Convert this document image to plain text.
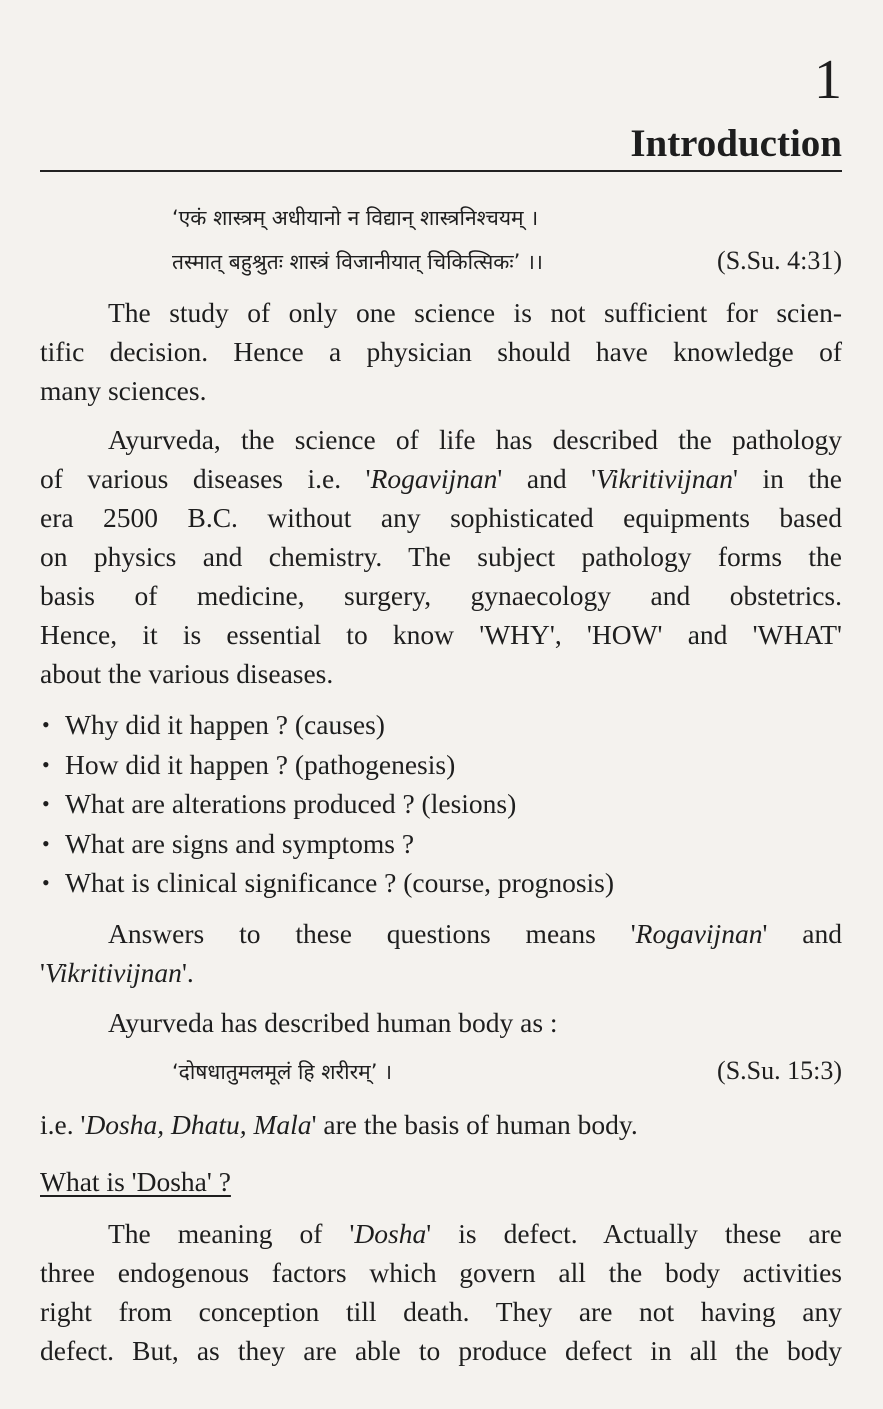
1
Introduction
‘एकं शास्त्रम् अधीयानो न विद्यान् शास्त्रनिश्चयम् ।
तस्मात् बहुश्रुतः शास्त्रं विजानीयात् चिकित्सिकः’ ।।	(S.Su. 4:31)

The study of only one science is not sufficient for scien-
tific decision. Hence a physician should have knowledge of
many sciences.

Ayurveda, the science of life has described the pathology
of various diseases i.e. 'Rogavijnan' and 'Vikritivijnan' in the
era 2500 B.C. without any sophisticated equipments based
on physics and chemistry. The subject pathology forms the
basis of medicine, surgery, gynaecology and obstetrics.
Hence, it is essential to know 'WHY', 'HOW' and 'WHAT'
about the various diseases.

• Why did it happen ? (causes)
• How did it happen ? (pathogenesis)
• What are alterations produced ? (lesions)
• What are signs and symptoms ?
• What is clinical significance ? (course, prognosis)

Answers to these questions means 'Rogavijnan' and
'Vikritivijnan'.

Ayurveda has described human body as :

‘दोषधातुमलमूलं हि शरीरम्’ ।	(S.Su. 15:3)

i.e. 'Dosha, Dhatu, Mala' are the basis of human body.

What is 'Dosha' ?

The meaning of 'Dosha' is defect. Actually these are
three endogenous factors which govern all the body activities
right from conception till death. They are not having any
defect. But, as they are able to produce defect in all the body
